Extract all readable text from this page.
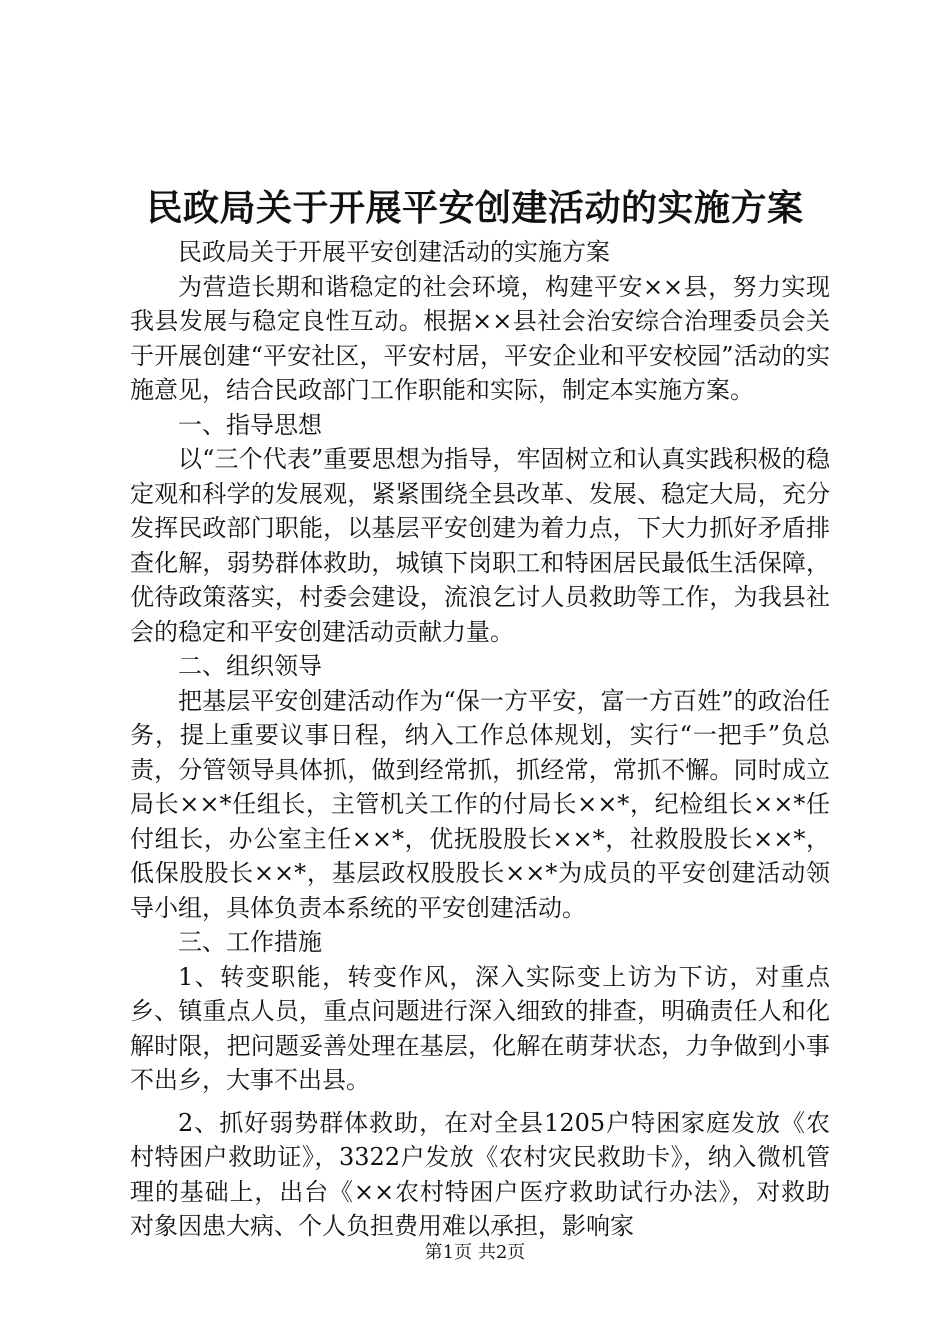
民政局关于开展平安创建活动的实施方案

民政局关于开展平安创建活动的实施方案

为营造长期和谐稳定的社会环境，构建平安××县，努力实现我县发展与稳定良性互动。根据××县社会治安综合治理委员会关于开展创建“平安社区，平安村居，平安企业和平安校园”活动的实施意见，结合民政部门工作职能和实际，制定本实施方案。

一、指导思想

以“三个代表”重要思想为指导，牢固树立和认真实践积极的稳定观和科学的发展观，紧紧围绕全县改革、发展、稳定大局，充分发挥民政部门职能，以基层平安创建为着力点，下大力抓好矛盾排查化解，弱势群体救助，城镇下岗职工和特困居民最低生活保障，优待政策落实，村委会建设，流浪乞讨人员救助等工作，为我县社会的稳定和平安创建活动贡献力量。

二、组织领导

把基层平安创建活动作为“保一方平安，富一方百姓”的政治任务，提上重要议事日程，纳入工作总体规划，实行“一把手”负总责，分管领导具体抓，做到经常抓，抓经常，常抓不懈。同时成立局长××*任组长，主管机关工作的付局长××*，纪检组长××*任付组长，办公室主任××*，优抚股股长××*，社救股股长××*，低保股股长××*，基层政权股股长××*为成员的平安创建活动领导小组，具体负责本系统的平安创建活动。

三、工作措施

1、转变职能，转变作风，深入实际变上访为下访，对重点乡、镇重点人员，重点问题进行深入细致的排查，明确责任人和化解时限，把问题妥善处理在基层，化解在萌芽状态，力争做到小事不出乡，大事不出县。

2、抓好弱势群体救助，在对全县1205户特困家庭发放《农村特困户救助证》，3322户发放《农村灾民救助卡》，纳入微机管理的基础上，出台《××农村特困户医疗救助试行办法》，对救助对象因患大病、个人负担费用难以承担，影响家

第1页 共2页
